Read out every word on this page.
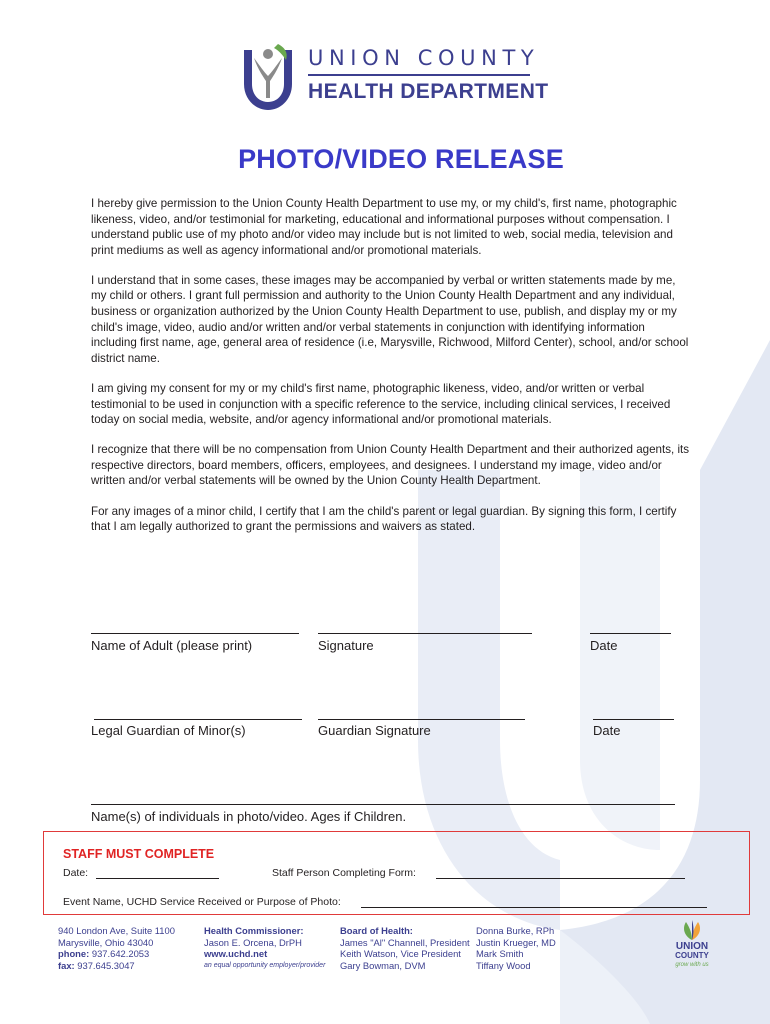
UNION COUNTY
HEALTH DEPARTMENT
PHOTO/VIDEO RELEASE

I hereby give permission to the Union County Health Department to use my, or my child's, first name, photographic likeness, video, and/or testimonial for marketing, educational and informational purposes without compensation. I understand public use of my photo and/or video may include but is not limited to web, social media, television and print mediums as well as agency informational and/or promotional materials.

I understand that in some cases, these images may be accompanied by verbal or written statements made by me, my child or others. I grant full permission and authority to the Union County Health Department and any individual, business or organization authorized by the Union County Health Department to use, publish, and display my or my child's image, video, audio and/or written and/or verbal statements in conjunction with identifying information including first name, age, general area of residence (i.e, Marysville, Richwood, Milford Center), school, and/or school district name.

I am giving my consent for my or my child's first name, photographic likeness, video, and/or written or verbal testimonial to be used in conjunction with a specific reference to the service, including clinical services, I received today on social media, website, and/or agency informational and/or promotional materials.

I recognize that there will be no compensation from Union County Health Department and their authorized agents, its respective directors, board members, officers, employees, and designees. I understand my image, video and/or written and/or verbal statements will be owned by the Union County Health Department.

For any images of a minor child, I certify that I am the child's parent or legal guardian. By signing this form, I certify that I am legally authorized to grant the permissions and waivers as stated.

Name of Adult (please print)	Signature	Date
Legal Guardian of Minor(s)	Guardian Signature	Date
Name(s) of individuals in photo/video. Ages if Children.
STAFF MUST COMPLETE
Date:	Staff Person Completing Form:
Event Name, UCHD Service Received or Purpose of Photo:
940 London Ave, Suite 1100
Marysville, Ohio 43040
phone: 937.642.2053
fax: 937.645.3047
Health Commissioner:
Jason E. Orcena, DrPH
www.uchd.net
an equal opportunity employer/provider
Board of Health:
James "Al" Channell, President
Keith Watson, Vice President
Gary Bowman, DVM
Donna Burke, RPh
Justin Krueger, MD
Mark Smith
Tiffany Wood
UNION
COUNTY
grow with us
